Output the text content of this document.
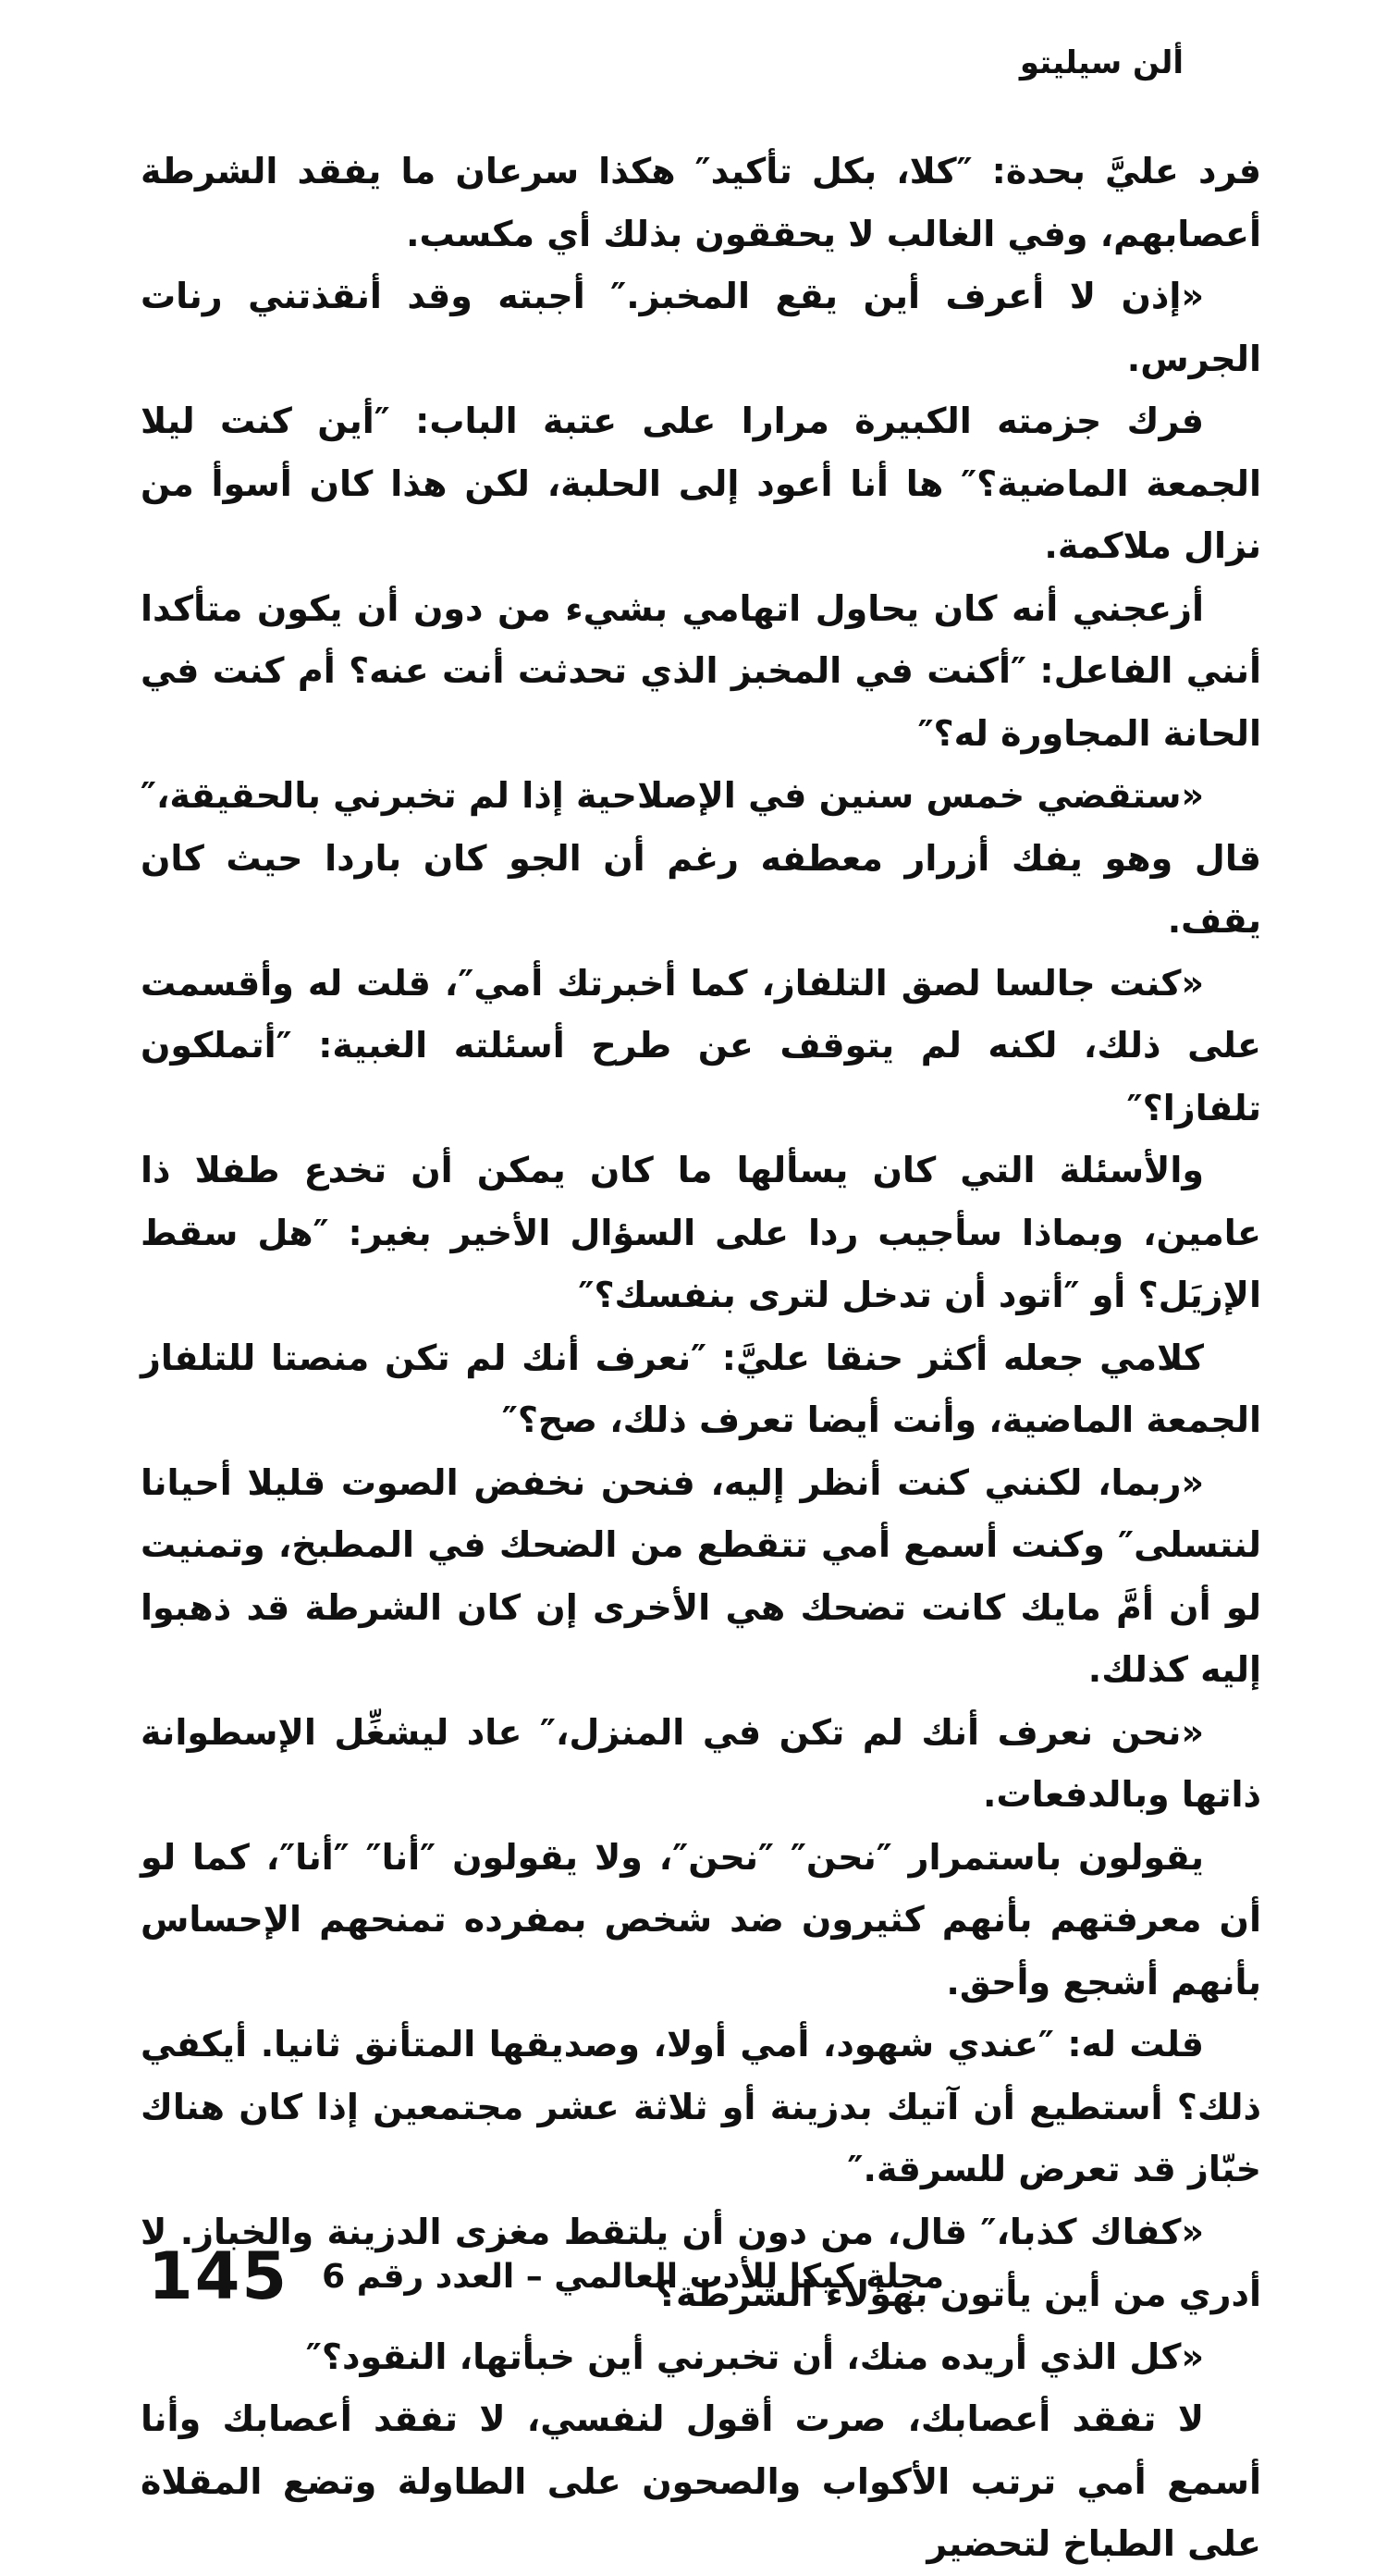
ألن سيليتو

فرد عليَّ بحدة: ″كلا، بكل تأكيد″ هكذا سرعان ما يفقد الشرطة أعصابهم، وفي الغالب لا يحققون بذلك أي مكسب.

«إذن لا أعرف أين يقع المخبز.″ أجبته وقد أنقذتني رنات الجرس.

فرك جزمته الكبيرة مرارا على عتبة الباب: ″أين كنت ليلا الجمعة الماضية؟″ ها أنا أعود إلى الحلبة، لكن هذا كان أسوأ من نزال ملاكمة.

أزعجني أنه كان يحاول اتهامي بشيء من دون أن يكون متأكدا أنني الفاعل: ″أكنت في المخبز الذي تحدثت أنت عنه؟ أم كنت في الحانة المجاورة له؟″

«ستقضي خمس سنين في الإصلاحية إذا لم تخبرني بالحقيقة،″ قال وهو يفك أزرار معطفه رغم أن الجو كان باردا حيث كان يقف.

«كنت جالسا لصق التلفاز، كما أخبرتك أمي″، قلت له وأقسمت على ذلك، لكنه لم يتوقف عن طرح أسئلته الغبية: ″أتملكون تلفازا؟″

والأسئلة التي كان يسألها ما كان يمكن أن تخدع طفلا ذا عامين، وبماذا سأجيب ردا على السؤال الأخير بغير: ″هل سقط الإزيَل؟ أو ″أتود أن تدخل لترى بنفسك؟″

كلامي جعله أكثر حنقا عليَّ: ″نعرف أنك لم تكن منصتا للتلفاز الجمعة الماضية، وأنت أيضا تعرف ذلك، صح؟″

«ربما، لكنني كنت أنظر إليه، فنحن نخفض الصوت قليلا أحيانا لنتسلى″ وكنت أسمع أمي تتقطع من الضحك في المطبخ، وتمنيت لو أن أمَّ مايك كانت تضحك هي الأخرى إن كان الشرطة قد ذهبوا إليه كذلك.

«نحن نعرف أنك لم تكن في المنزل،″ عاد ليشغِّل الإسطوانة ذاتها وبالدفعات.

يقولون باستمرار ″نحن″ ″نحن″، ولا يقولون ″أنا″ ″أنا″، كما لو أن معرفتهم بأنهم كثيرون ضد شخص بمفرده تمنحهم الإحساس بأنهم أشجع وأحق.

قلت له: ″عندي شهود، أمي أولا، وصديقها المتأنق ثانيا. أيكفي ذلك؟ أستطيع أن آتيك بدزينة أو ثلاثة عشر مجتمعين إذا كان هناك خبّاز قد تعرض للسرقة.″

«كفاك كذبا،″ قال، من دون أن يلتقط مغزى الدزينة والخباز. لا أدري من أين يأتون بهؤلاء الشرطة؟

«كل الذي أريده منك، أن تخبرني أين خبأتها، النقود؟″

لا تفقد أعصابك، صرت أقول لنفسي، لا تفقد أعصابك وأنا أسمع أمي ترتب الأكواب والصحون على الطاولة وتضع المقلاة على الطباخ لتحضير

145 مجلة كيكا للأدب العالمي – العدد رقم 6
